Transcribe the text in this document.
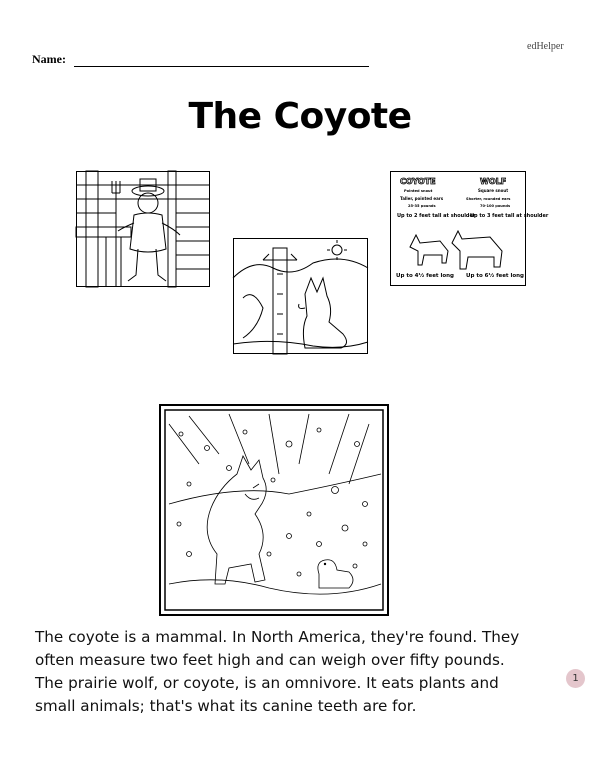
edHelper
Name:
The Coyote
COYOTE	WOLF
Pointed snout
Taller, pointed ears
25-35 pounds
Up to 2 feet tall at shoulder
Square snout
Shorter, rounded ears
70-100 pounds
Up to 3 feet tall at shoulder
Up to 4½ feet long Up to 6½ feet long

The coyote is a mammal. In North America, they're found. They

often measure two feet high and can weigh over fifty pounds.

The prairie wolf, or coyote, is an omnivore. It eats plants and

small animals; that's what its canine teeth are for.

1
